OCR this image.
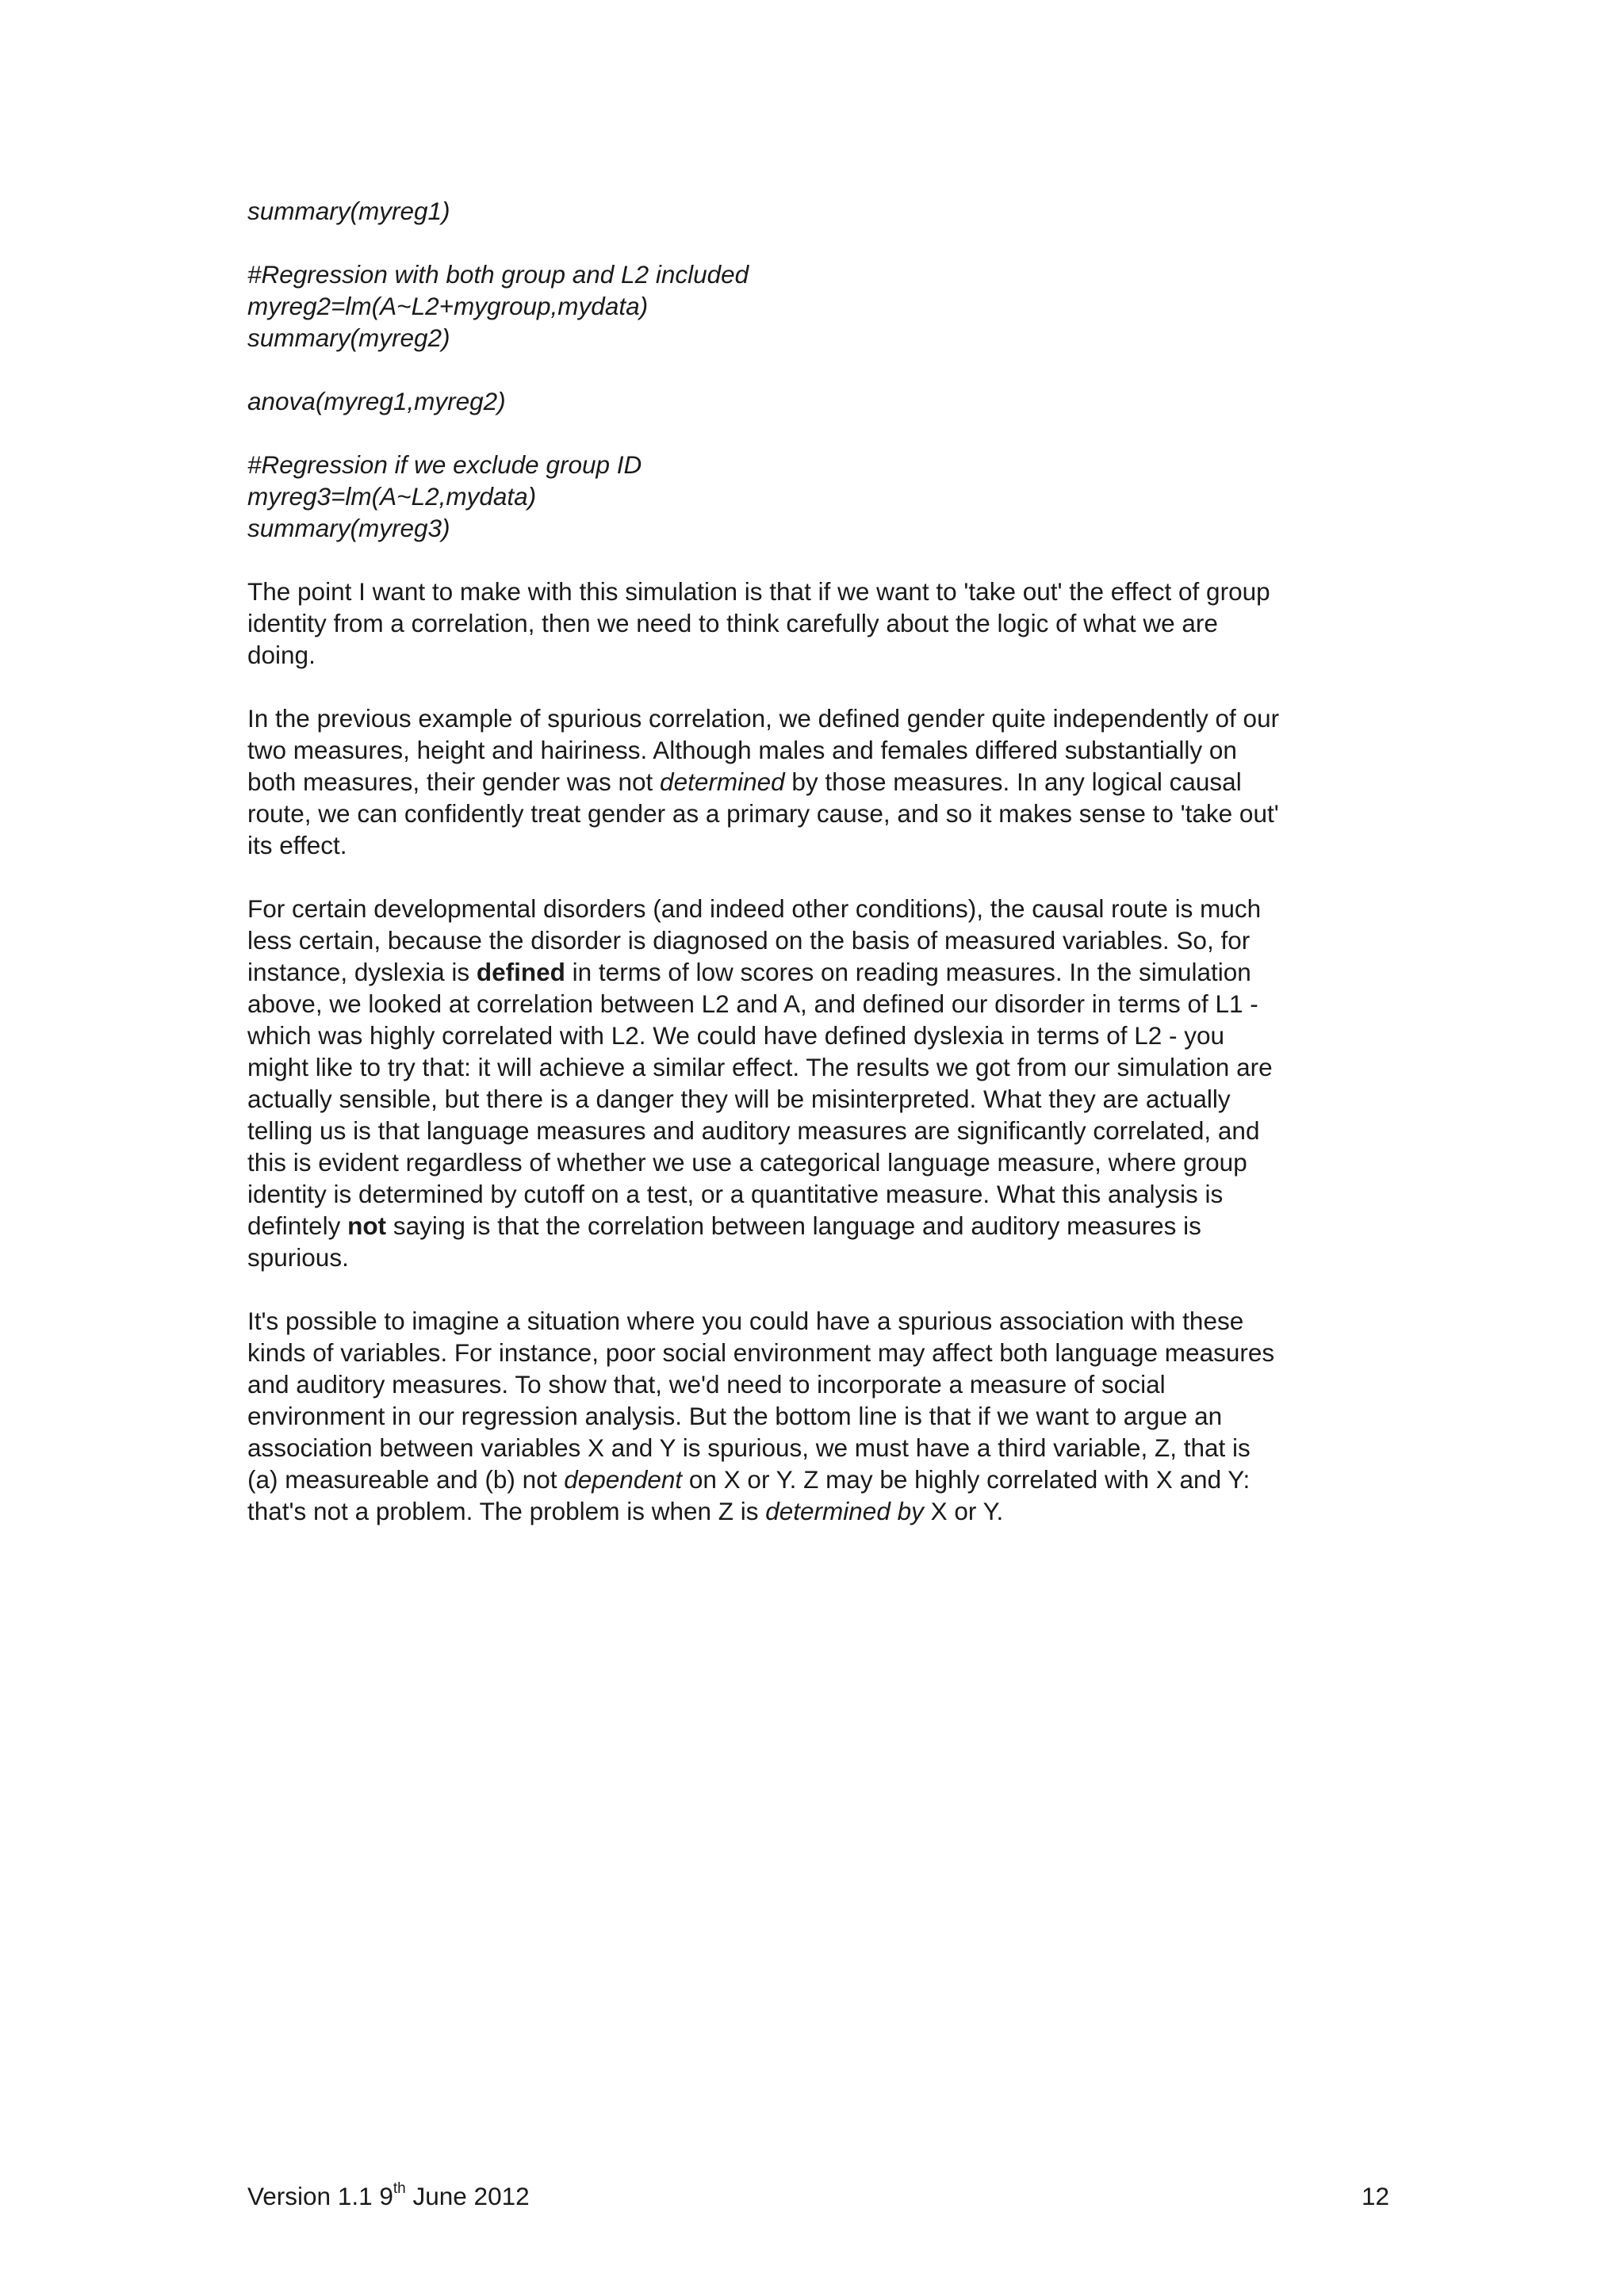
summary(myreg1)
#Regression with both group and L2 included
myreg2=lm(A~L2+mygroup,mydata)
summary(myreg2)
anova(myreg1,myreg2)
#Regression if we exclude group ID
myreg3=lm(A~L2,mydata)
summary(myreg3)
The point I want to make with this simulation is that if we want to 'take out' the effect of group
identity from a correlation, then we need to think carefully about the logic of what we are
doing.
In the previous example of spurious correlation, we defined gender quite independently of our
two measures, height and hairiness. Although males and females differed substantially on
both measures, their gender was not determined by those measures. In any logical causal
route, we can confidently treat gender as a primary cause, and so it makes sense to 'take out'
its effect.
For certain developmental disorders (and indeed other conditions), the causal route is much
less certain, because the disorder is diagnosed on the basis of measured variables. So, for
instance, dyslexia is defined in terms of low scores on reading measures. In the simulation
above, we looked at correlation between L2 and A, and defined our disorder in terms of L1 -
which was highly correlated with L2. We could have defined dyslexia in terms of L2 - you
might like to try that: it will achieve a similar effect. The results we got from our simulation are
actually sensible, but there is a danger they will be misinterpreted. What they are actually
telling us is that language measures and auditory measures are significantly correlated, and
this is evident regardless of whether we use a categorical language measure, where group
identity is determined by cutoff on a test, or a quantitative measure. What this analysis is
defintely not saying is that the correlation between language and auditory measures is
spurious.
It's possible to imagine a situation where you could have a spurious association with these
kinds of variables. For instance, poor social environment may affect both language measures
and auditory measures. To show that, we'd need to incorporate a measure of social
environment in our regression analysis. But the bottom line is that if we want to argue an
association between variables X and Y is spurious, we must have a third variable, Z, that is
(a) measureable and (b) not dependent on X or Y. Z may be highly correlated with X and Y:
that's not a problem. The problem is when Z is determined by X or Y.
Version 1.1 9th June 2012	12
